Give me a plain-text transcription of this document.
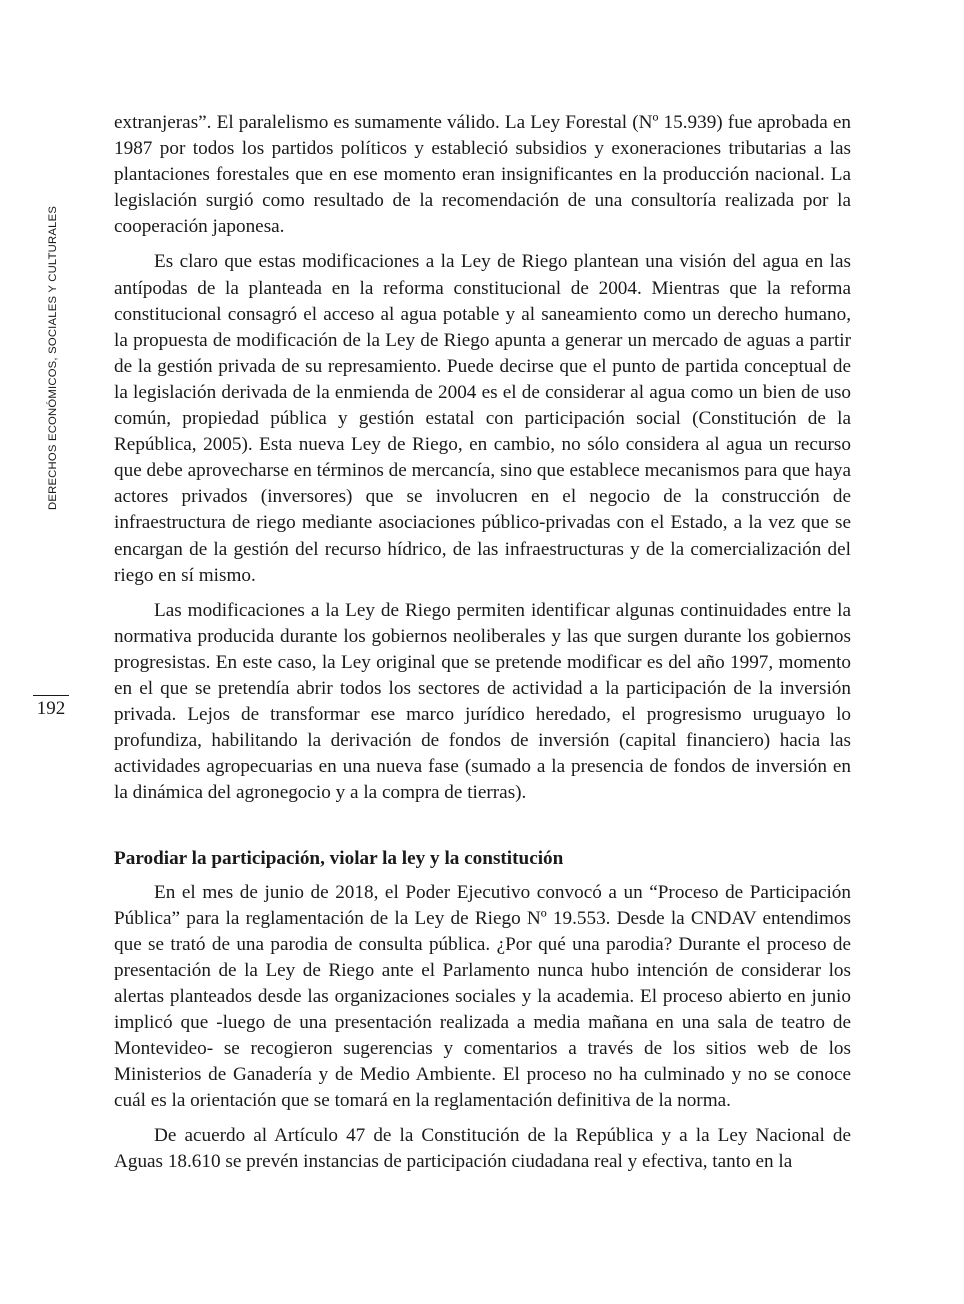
DERECHOS ECONÓMICOS, SOCIALES Y CULTURALES
192

extranjeras”. El paralelismo es sumamente válido. La Ley Forestal (Nº 15.939) fue aprobada en 1987 por todos los partidos políticos y estableció subsidios y exoneraciones tributarias a las plantaciones forestales que en ese momento eran insignificantes en la producción nacional. La legislación surgió como resultado de la recomendación de una consultoría realizada por la cooperación japonesa.

Es claro que estas modificaciones a la Ley de Riego plantean una visión del agua en las antípodas de la planteada en la reforma constitucional de 2004. Mientras que la reforma constitucional consagró el acceso al agua potable y al saneamiento como un derecho humano, la propuesta de modificación de la Ley de Riego apunta a generar un mercado de aguas a partir de la gestión privada de su represamiento. Puede decirse que el punto de partida conceptual de la legislación derivada de la enmienda de 2004 es el de considerar al agua como un bien de uso común, propiedad pública y gestión estatal con participación social (Constitución de la República, 2005). Esta nueva Ley de Riego, en cambio, no sólo considera al agua un recurso que debe aprovecharse en términos de mercancía, sino que establece mecanismos para que haya actores privados (inversores) que se involucren en el negocio de la construcción de infraestructura de riego mediante asociaciones público-privadas con el Estado, a la vez que se encargan de la gestión del recurso hídrico, de las infraestructuras y de la comercialización del riego en sí mismo.

Las modificaciones a la Ley de Riego permiten identificar algunas continuidades entre la normativa producida durante los gobiernos neoliberales y las que surgen durante los gobiernos progresistas. En este caso, la Ley original que se pretende modificar es del año 1997, momento en el que se pretendía abrir todos los sectores de actividad a la participación de la inversión privada. Lejos de transformar ese marco jurídico heredado, el progresismo uruguayo lo profundiza, habilitando la derivación de fondos de inversión (capital financiero) hacia las actividades agropecuarias en una nueva fase (sumado a la presencia de fondos de inversión en la dinámica del agronegocio y a la compra de tierras).

Parodiar la participación, violar la ley y la constitución

En el mes de junio de 2018, el Poder Ejecutivo convocó a un “Proceso de Participación Pública” para la reglamentación de la Ley de Riego Nº 19.553. Desde la CNDAV entendimos que se trató de una parodia de consulta pública. ¿Por qué una parodia? Durante el proceso de presentación de la Ley de Riego ante el Parlamento nunca hubo intención de considerar los alertas planteados desde las organizaciones sociales y la academia. El proceso abierto en junio implicó que -luego de una presentación realizada a media mañana en una sala de teatro de Montevideo- se recogieron sugerencias y comentarios a través de los sitios web de los Ministerios de Ganadería y de Medio Ambiente. El proceso no ha culminado y no se conoce cuál es la orientación que se tomará en la reglamentación definitiva de la norma.

De acuerdo al Artículo 47 de la Constitución de la República y a la Ley Nacional de Aguas 18.610 se prevén instancias de participación ciudadana real y efectiva, tanto en la
